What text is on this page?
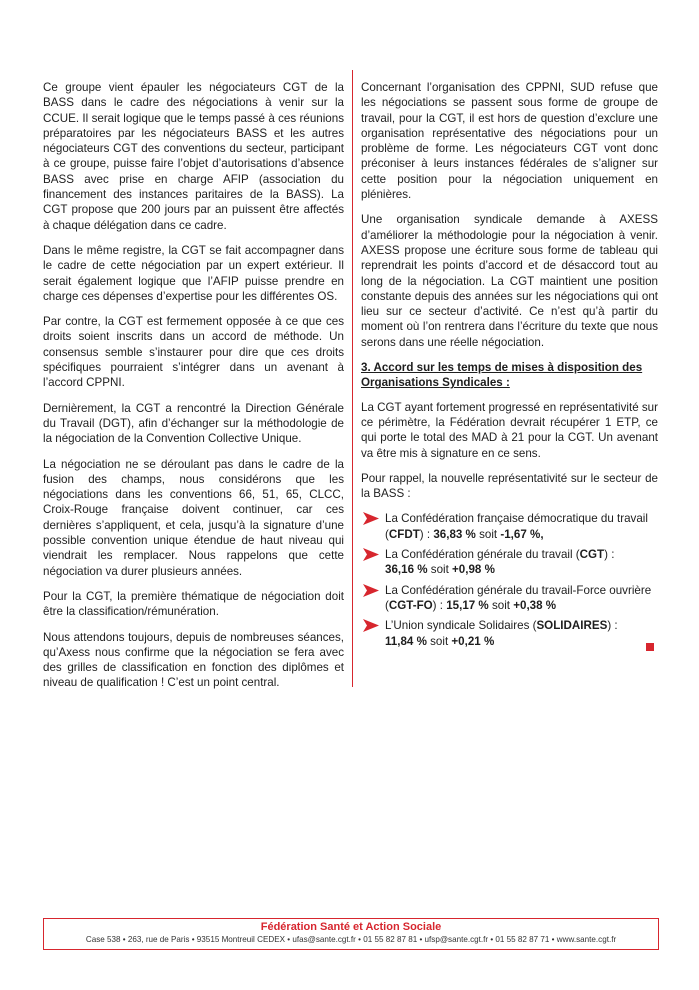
Ce groupe vient épauler les négociateurs CGT de la BASS dans le cadre des négociations à venir sur la CCUE. Il serait logique que le temps passé à ces réunions préparatoires par les négociateurs BASS et les autres négociateurs CGT des conventions du secteur, participant à ce groupe, puisse faire l’objet d’autorisations d’absence BASS avec prise en charge AFIP (association du financement des instances paritaires de la BASS). La CGT propose que 200 jours par an puissent être affectés à chaque délégation dans ce cadre.

Dans le même registre, la CGT se fait accompagner dans le cadre de cette négociation par un expert extérieur. Il serait également logique que l’AFIP puisse prendre en charge ces dépenses d’expertise pour les différentes OS.

Par contre, la CGT est fermement opposée à ce que ces droits soient inscrits dans un accord de méthode. Un consensus semble s’instaurer pour dire que ces droits spécifiques pourraient s’intégrer dans un avenant à l’accord CPPNI.

Dernièrement, la CGT a rencontré la Direction Générale du Travail (DGT), afin d’échanger sur la méthodologie de la négociation de la Convention Collective Unique.

La négociation ne se déroulant pas dans le cadre de la fusion des champs, nous considérons que les négociations dans les conventions 66, 51, 65, CLCC, Croix-Rouge française doivent continuer, car ces dernières s’appliquent, et cela, jusqu’à la signature d’une possible convention unique étendue de haut niveau qui viendrait les remplacer. Nous rappelons que cette négociation va durer plusieurs années.

Pour la CGT, la première thématique de négociation doit être la classification/rémunération.

Nous attendons toujours, depuis de nombreuses séances, qu’Axess nous confirme que la négociation se fera avec des grilles de classification en fonction des diplômes et niveau de qualification ! C’est un point central.

Concernant l’organisation des CPPNI, SUD refuse que les négociations se passent sous forme de groupe de travail, pour la CGT, il est hors de question d’exclure une organisation représentative des négociations pour un problème de forme. Les négociateurs CGT vont donc préconiser à leurs instances fédérales de s’aligner sur cette position pour la négociation uniquement en plénières.

Une organisation syndicale demande à AXESS d’améliorer la méthodologie pour la négociation à venir. AXESS propose une écriture sous forme de tableau qui reprendrait les points d’accord et de désaccord tout au long de la négociation. La CGT maintient une position constante depuis des années sur les négociations qui ont lieu sur ce secteur d’activité. Ce n’est qu’à partir du moment où l’on rentrera dans l’écriture du texte que nous serons dans une réelle négociation.

3. Accord sur les temps de mises à disposition des Organisations Syndicales :

La CGT ayant fortement progressé en représentativité sur ce périmètre, la Fédération devrait récupérer 1 ETP, ce qui porte le total des MAD à 21 pour la CGT. Un avenant va être mis à signature en ce sens.

Pour rappel, la nouvelle représentativité sur le secteur de la BASS :

La Confédération française démocratique du travail (CFDT) : 36,83 % soit -1,67 %,
La Confédération générale du travail (CGT) :
36,16 % soit +0,98 %
La Confédération générale du travail-Force ouvrière (CGT-FO) : 15,17 % soit +0,38 %
L’Union syndicale Solidaires (SOLIDAIRES) :
11,84 % soit +0,21 %
Fédération Santé et Action Sociale
Case 538 • 263, rue de Paris • 93515 Montreuil CEDEX • ufas@sante.cgt.fr • 01 55 82 87 81 • ufsp@sante.cgt.fr • 01 55 82 87 71 • www.sante.cgt.fr
